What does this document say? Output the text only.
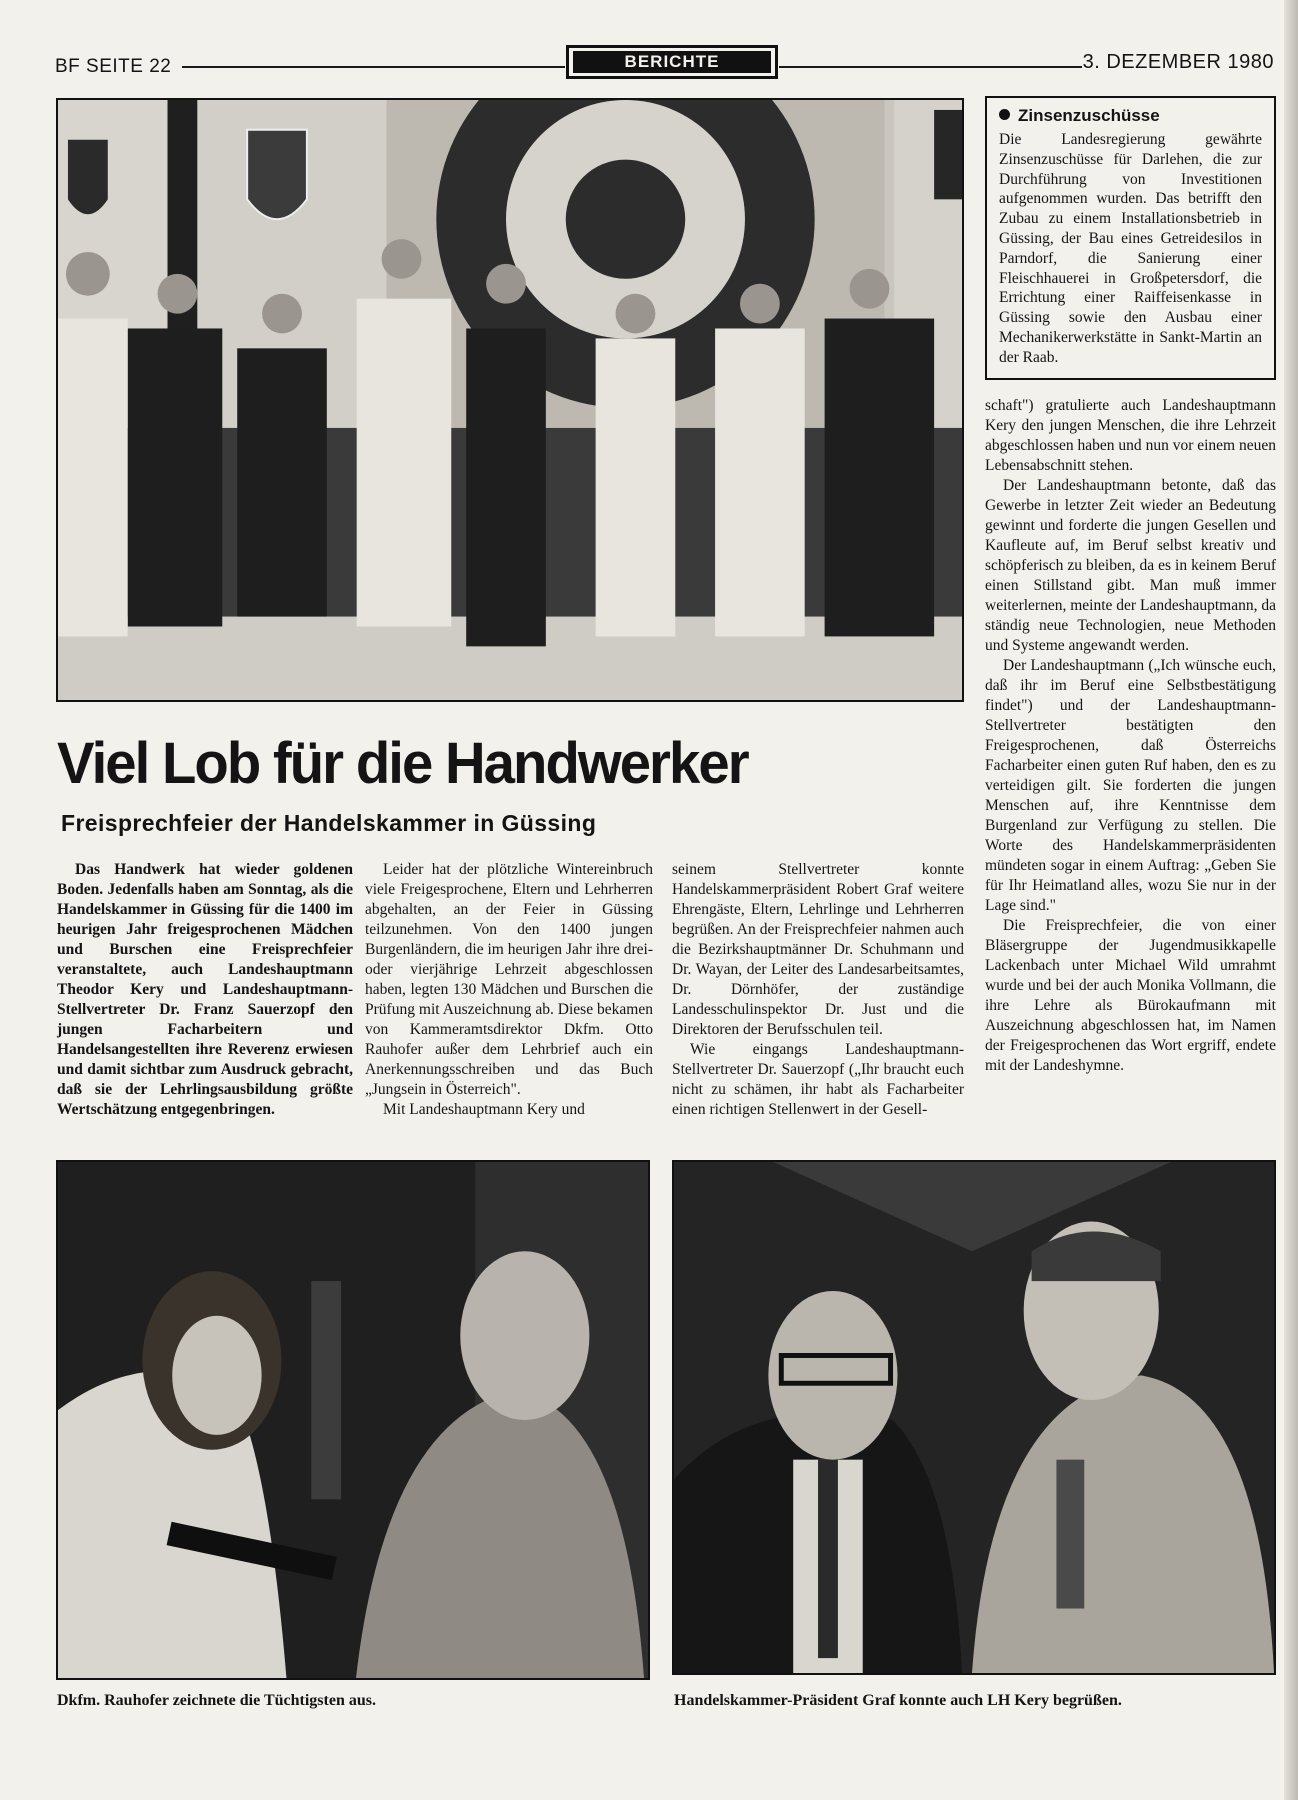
BF SEITE 22	BERICHTE	3. DEZEMBER 1980
Zinsenzuschüsse

Die Landesregierung gewährte Zinsenzuschüsse für Darlehen, die zur Durchführung von Investitionen aufgenommen wurden. Das betrifft den Zubau zu einem Installationsbetrieb in Güssing, der Bau eines Getreidesilos in Parndorf, die Sanierung einer Fleischhauerei in Großpetersdorf, die Errichtung einer Raiffeisenkasse in Güssing sowie den Ausbau einer Mechanikerwerkstätte in Sankt-Martin an der Raab.

Viel Lob für die Handwerker
Freisprechfeier der Handelskammer in Güssing

Das Handwerk hat wieder goldenen Boden. Jedenfalls haben am Sonntag, als die Handelskammer in Güssing für die 1400 im heurigen Jahr freigesprochenen Mädchen und Burschen eine Freisprechfeier veranstaltete, auch Landeshauptmann Theodor Kery und Landeshauptmann-Stellvertreter Dr. Franz Sauerzopf den jungen Facharbeitern und Handelsangestellten ihre Reverenz erwiesen und damit sichtbar zum Ausdruck gebracht, daß sie der Lehrlingsausbildung größte Wertschätzung entgegenbringen.

Leider hat der plötzliche Wintereinbruch viele Freigesprochene, Eltern und Lehrherren abgehalten, an der Feier in Güssing teilzunehmen. Von den 1400 jungen Burgenländern, die im heurigen Jahr ihre drei- oder vierjährige Lehrzeit abgeschlossen haben, legten 130 Mädchen und Burschen die Prüfung mit Auszeichnung ab. Diese bekamen von Kammeramtsdirektor Dkfm. Otto Rauhofer außer dem Lehrbrief auch ein Anerkennungsschreiben und das Buch „Jungsein in Österreich".

Mit Landeshauptmann Kery und

seinem Stellvertreter konnte Handelskammerpräsident Robert Graf weitere Ehrengäste, Eltern, Lehrlinge und Lehrherren begrüßen. An der Freisprechfeier nahmen auch die Bezirkshauptmänner Dr. Schuhmann und Dr. Wayan, der Leiter des Landesarbeitsamtes, Dr. Dörnhöfer, der zuständige Landesschulinspektor Dr. Just und die Direktoren der Berufsschulen teil.

Wie eingangs Landeshauptmann-Stellvertreter Dr. Sauerzopf („Ihr braucht euch nicht zu schämen, ihr habt als Facharbeiter einen richtigen Stellenwert in der Gesell-

schaft") gratulierte auch Landeshauptmann Kery den jungen Menschen, die ihre Lehrzeit abgeschlossen haben und nun vor einem neuen Lebensabschnitt stehen.

Der Landeshauptmann betonte, daß das Gewerbe in letzter Zeit wieder an Bedeutung gewinnt und forderte die jungen Gesellen und Kaufleute auf, im Beruf selbst kreativ und schöpferisch zu bleiben, da es in keinem Beruf einen Stillstand gibt. Man muß immer weiterlernen, meinte der Landeshauptmann, da ständig neue Technologien, neue Methoden und Systeme angewandt werden.

Der Landeshauptmann („Ich wünsche euch, daß ihr im Beruf eine Selbstbestätigung findet") und der Landeshauptmann-Stellvertreter bestätigten den Freigesprochenen, daß Österreichs Facharbeiter einen guten Ruf haben, den es zu verteidigen gilt. Sie forderten die jungen Menschen auf, ihre Kenntnisse dem Burgenland zur Verfügung zu stellen. Die Worte des Handelskammerpräsidenten mündeten sogar in einem Auftrag: „Geben Sie für Ihr Heimatland alles, wozu Sie nur in der Lage sind."

Die Freisprechfeier, die von einer Bläsergruppe der Jugendmusikkapelle Lackenbach unter Michael Wild umrahmt wurde und bei der auch Monika Vollmann, die ihre Lehre als Bürokaufmann mit Auszeichnung abgeschlossen hat, im Namen der Freigesprochenen das Wort ergriff, endete mit der Landeshymne.

Dkfm. Rauhofer zeichnete die Tüchtigsten aus.	Handelskammer-Präsident Graf konnte auch LH Kery begrüßen.
